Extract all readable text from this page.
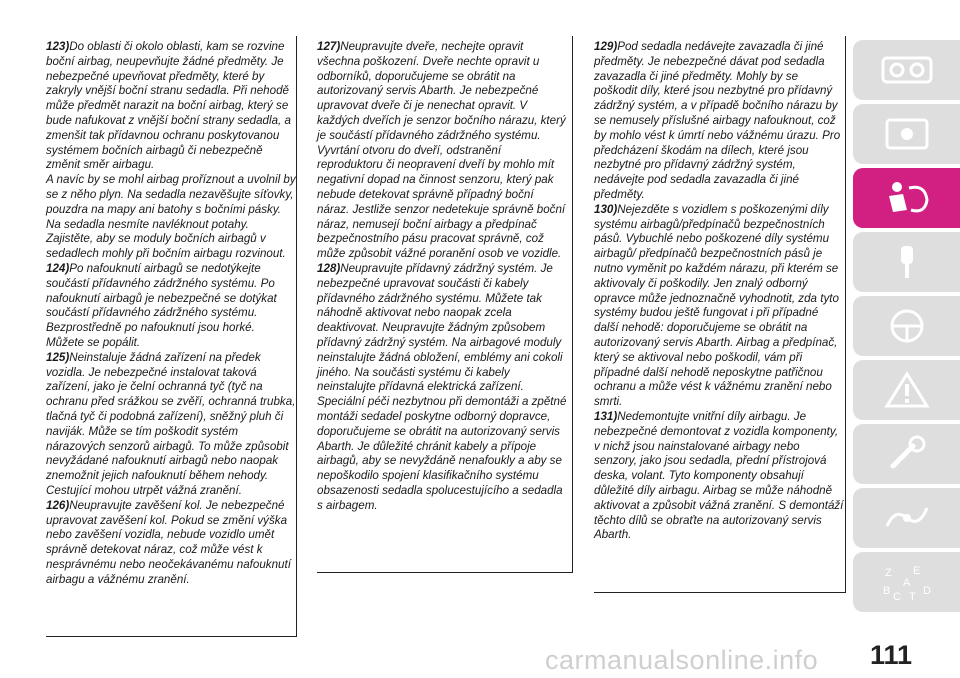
123)Do oblasti či okolo oblasti, kam se rozvine boční airbag, neupevňujte žádné předměty. Je nebezpečné upevňovat předměty, které by zakryly vnější boční stranu sedadla. Při nehodě může předmět narazit na boční airbag, který se bude nafukovat z vnější boční strany sedadla, a zmenšit tak přídavnou ochranu poskytovanou systémem bočních airbagů či nebezpečně změnit směr airbagu.

A navíc by se mohl airbag proříznout a uvolnil by se z něho plyn. Na sedadla nezavěšujte síťovky, pouzdra na mapy ani batohy s bočními pásky. Na sedadla nesmíte navléknout potahy. Zajistěte, aby se moduly bočních airbagů v sedadlech mohly při bočním airbagu rozvinout.

124)Po nafouknutí airbagů se nedotýkejte součástí přídavného zádržného systému. Po nafouknutí airbagů je nebezpečné se dotýkat součástí přídavného zádržného systému. Bezprostředně po nafouknutí jsou horké. Můžete se popálit.

125)Neinstaluje žádná zařízení na předek vozidla. Je nebezpečné instalovat taková zařízení, jako je čelní ochranná tyč (tyč na ochranu před srážkou se zvěří, ochranná trubka, tlačná tyč či podobná zařízení), sněžný pluh či naviják. Může se tím poškodit systém nárazových senzorů airbagů. To může způsobit nevyžádané nafouknutí airbagů nebo naopak znemožnit jejich nafouknutí během nehody. Cestující mohou utrpět vážná zranění.

126)Neupravujte zavěšení kol. Je nebezpečné upravovat zavěšení kol. Pokud se změní výška nebo zavěšení vozidla, nebude vozidlo umět správně detekovat náraz, což může vést k nesprávnému nebo neočekávanému nafouknutí airbagu a vážnému zranění.

127)Neupravujte dveře, nechejte opravit všechna poškození. Dveře nechte opravit u odborníků, doporučujeme se obrátit na autorizovaný servis Abarth. Je nebezpečné upravovat dveře či je nenechat opravit. V každých dveřích je senzor bočního nárazu, který je součástí přídavného zádržného systému. Vyvrtání otvoru do dveří, odstranění reproduktoru či neopravení dveří by mohlo mít negativní dopad na činnost senzoru, který pak nebude detekovat správně případný boční náraz. Jestliže senzor nedetekuje správně boční náraz, nemusejí boční airbagy a předpínač bezpečnostního pásu pracovat správně, což může způsobit vážné poranění osob ve vozidle.

128)Neupravujte přídavný zádržný systém. Je nebezpečné upravovat součásti či kabely přídavného zádržného systému. Můžete tak náhodně aktivovat nebo naopak zcela deaktivovat. Neupravujte žádným způsobem přídavný zádržný systém. Na airbagové moduly neinstalujte žádná obložení, emblémy ani cokoli jiného. Na součásti systému či kabely neinstalujte přídavná elektrická zařízení. Speciální péči nezbytnou při demontáži a zpětné montáži sedadel poskytne odborný dopravce, doporučujeme se obrátit na autorizovaný servis Abarth. Je důležité chránit kabely a přípoje airbagů, aby se nevyždáně nenafoukly a aby se nepoškodilo spojení klasifikačního systému obsazenosti sedadla spolucestujícího a sedadla s airbagem.

129)Pod sedadla nedávejte zavazadla či jiné předměty. Je nebezpečné dávat pod sedadla zavazadla či jiné předměty. Mohly by se poškodit díly, které jsou nezbytné pro přídavný zádržný systém, a v případě bočního nárazu by se nemusely příslušné airbagy nafouknout, což by mohlo vést k úmrtí nebo vážnému úrazu. Pro předcházení škodám na dílech, které jsou nezbytné pro přídavný zádržný systém, nedávejte pod sedadla zavazadla či jiné předměty.

130)Nejezděte s vozidlem s poškozenými díly systému airbagů/předpínačů bezpečnostních pásů. Vybuchlé nebo poškozené díly systému airbagů/ předpínačů bezpečnostních pásů je nutno vyměnit po každém nárazu, při kterém se aktivovaly či poškodily. Jen znalý odborný opravce může jednoznačně vyhodnotit, zda tyto systémy budou ještě fungovat i při případné další nehodě: doporučujeme se obrátit na autorizovaný servis Abarth. Airbag a předpínač, který se aktivoval nebo poškodil, vám při případné další nehodě neposkytne patřičnou ochranu a může vést k vážnému zranění nebo smrti.

131)Nedemontujte vnitřní díly airbagu. Je nebezpečné demontovat z vozidla komponenty, v nichž jsou nainstalované airbagy nebo senzory, jako jsou sedadla, přední přístrojová deska, volant. Tyto komponenty obsahují důležité díly airbagu. Airbag se může náhodně aktivovat a způsobit vážná zranění. S demontáží těchto dílů se obraťte na autorizovaný servis Abarth.

Z E
B
A
C T D
carmanualsonline.info 111
